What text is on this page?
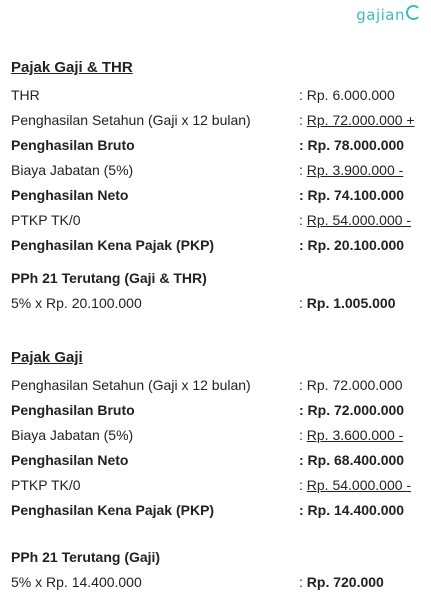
gajian
Pajak Gaji & THR
THR	: Rp. 6.000.000
Penghasilan Setahun (Gaji x 12 bulan)	: Rp. 72.000.000 +
Penghasilan Bruto	: Rp. 78.000.000
Biaya Jabatan (5%)	: Rp. 3.900.000 -
Penghasilan Neto	: Rp. 74.100.000
PTKP TK/0	: Rp. 54.000.000 -
Penghasilan Kena Pajak (PKP)	: Rp. 20.100.000
PPh 21 Terutang (Gaji & THR)
5% x Rp. 20.100.000	: Rp. 1.005.000
Pajak Gaji
Penghasilan Setahun (Gaji x 12 bulan)	: Rp. 72.000.000
Penghasilan Bruto	: Rp. 72.000.000
Biaya Jabatan (5%)	: Rp. 3.600.000 -
Penghasilan Neto	: Rp. 68.400.000
PTKP TK/0	: Rp. 54.000.000 -
Penghasilan Kena Pajak (PKP)	: Rp. 14.400.000
PPh 21 Terutang (Gaji)
5% x Rp. 14.400.000	: Rp. 720.000
